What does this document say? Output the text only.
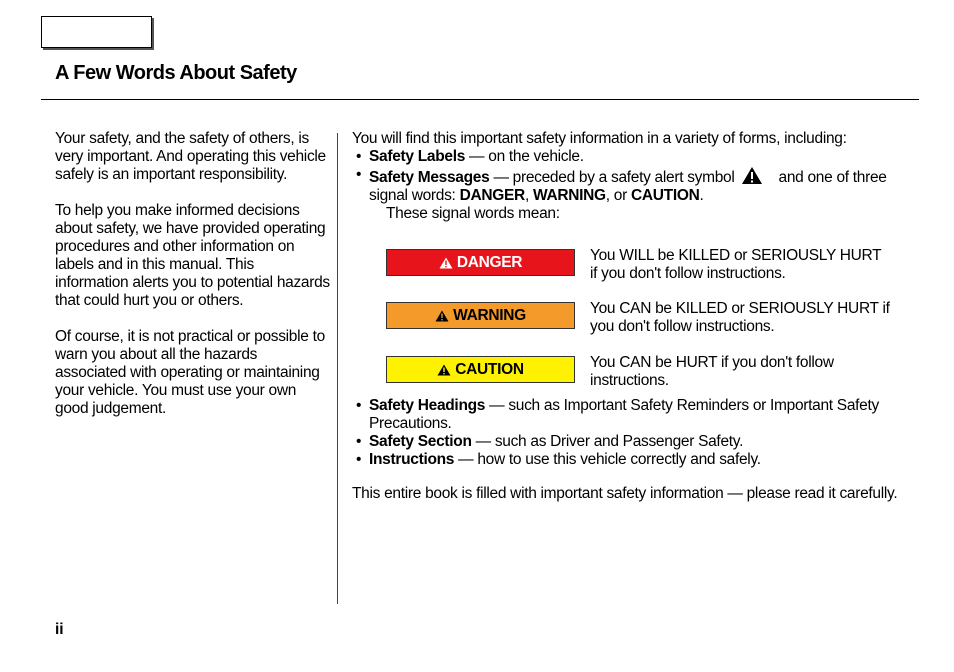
A Few Words About Safety

Your safety, and the safety of others, is very important. And operating this vehicle safely is an important responsibility.

To help you make informed decisions about safety, we have provided operating procedures and other information on labels and in this manual. This information alerts you to potential hazards that could hurt you or others.

Of course, it is not practical or possible to warn you about all the hazards associated with operating or maintaining your vehicle. You must use your own good judgement.

You will find this important safety information in a variety of forms, including:

• Safety Labels — on the vehicle.

• Safety Messages — preceded by a safety alert symbol	and one of three signal words: DANGER, WARNING, or CAUTION.

These signal words mean:

DANGER	You WILL be KILLED or SERIOUSLY HURT if you don't follow instructions.
WARNING	You CAN be KILLED or SERIOUSLY HURT if you don't follow instructions.
CAUTION	You CAN be HURT if you don't follow instructions.

• Safety Headings — such as Important Safety Reminders or Important Safety Precautions.

• Safety Section — such as Driver and Passenger Safety.

• Instructions — how to use this vehicle correctly and safely.

This entire book is filled with important safety information — please read it carefully.

ii
